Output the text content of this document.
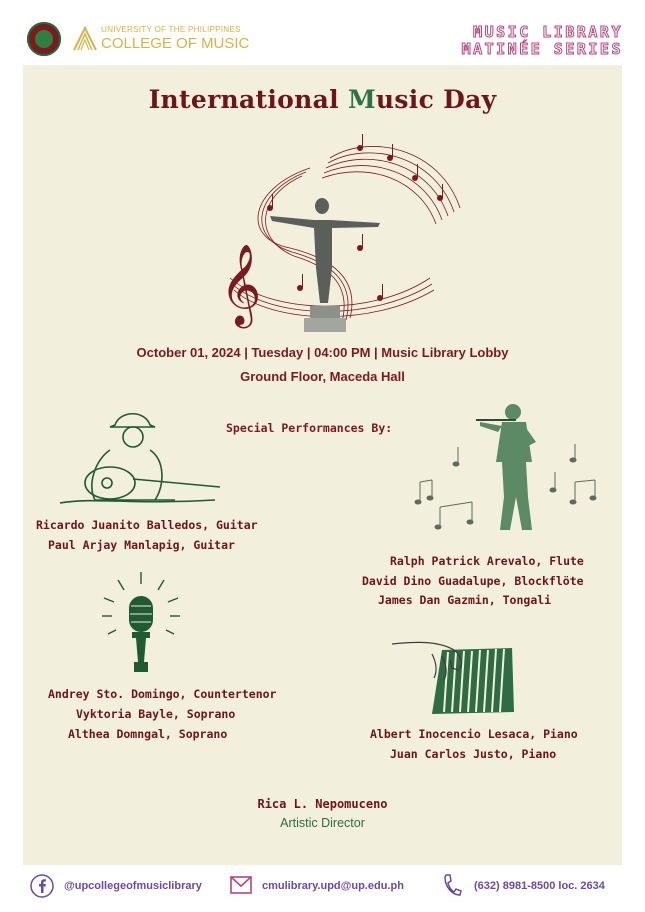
UNIVERSITY OF THE PHILIPPINES
COLLEGE OF MUSIC
MUSIC LIBRARY
MATINÉE SERIES
International Music Day
𝄞
October 01, 2024 | Tuesday | 04:00 PM | Music Library Lobby
Ground Floor, Maceda Hall
Special Performances By:
Ricardo Juanito Balledos, Guitar
Paul Arjay Manlapig, Guitar
Ralph Patrick Arevalo, Flute
David Dino Guadalupe, Blockflöte
James Dan Gazmin, Tongali
Andrey Sto. Domingo, Countertenor
Vyktoria Bayle, Soprano
Althea Domngal, Soprano	Albert Inocencio Lesaca, Piano
Juan Carlos Justo, Piano
Rica L. Nepomuceno
Artistic Director
@upcollegeofmusiclibrary	cmulibrary.upd@up.edu.ph	(632) 8981-8500 loc. 2634
